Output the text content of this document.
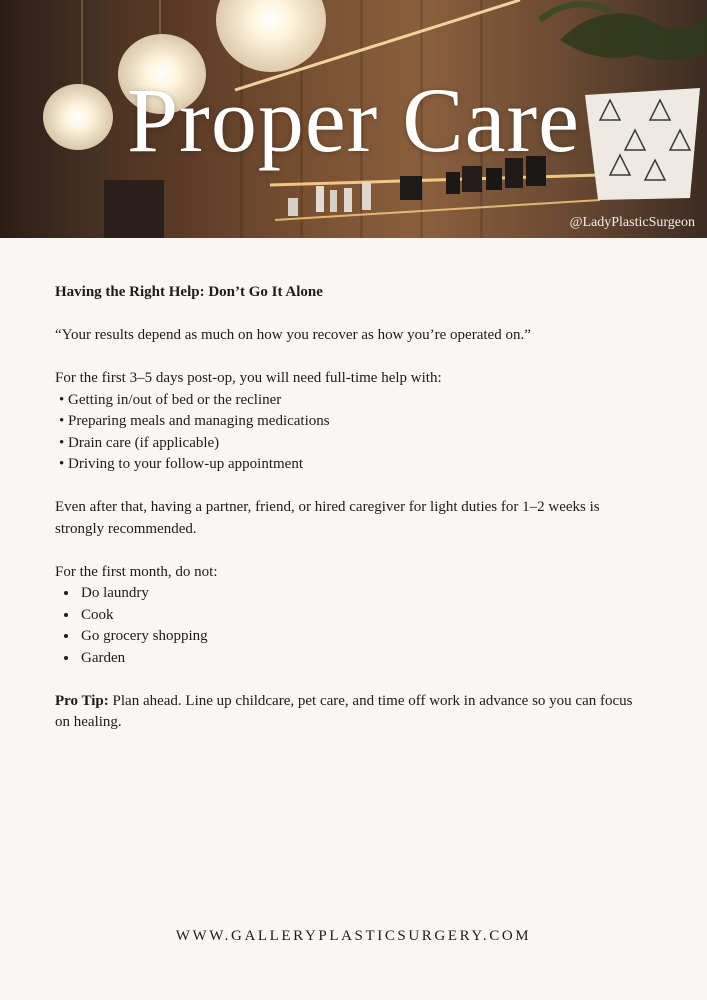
Proper Care
@LadyPlasticSurgeon

Having the Right Help: Don’t Go It Alone

“Your results depend as much on how you recover as how you’re operated on.”

For the first 3–5 days post-op, you will need full-time help with:

• Getting in/out of bed or the recliner
• Preparing meals and managing medications
• Drain care (if applicable)
• Driving to your follow-up appointment

Even after that, having a partner, friend, or hired caregiver for light duties for 1–2 weeks is strongly recommended.

For the first month, do not:

• Do laundry
• Cook
• Go grocery shopping
• Garden

Pro Tip: Plan ahead. Line up childcare, pet care, and time off work in advance so you can focus on healing.

WWW.GALLERYPLASTICSURGERY.COM
